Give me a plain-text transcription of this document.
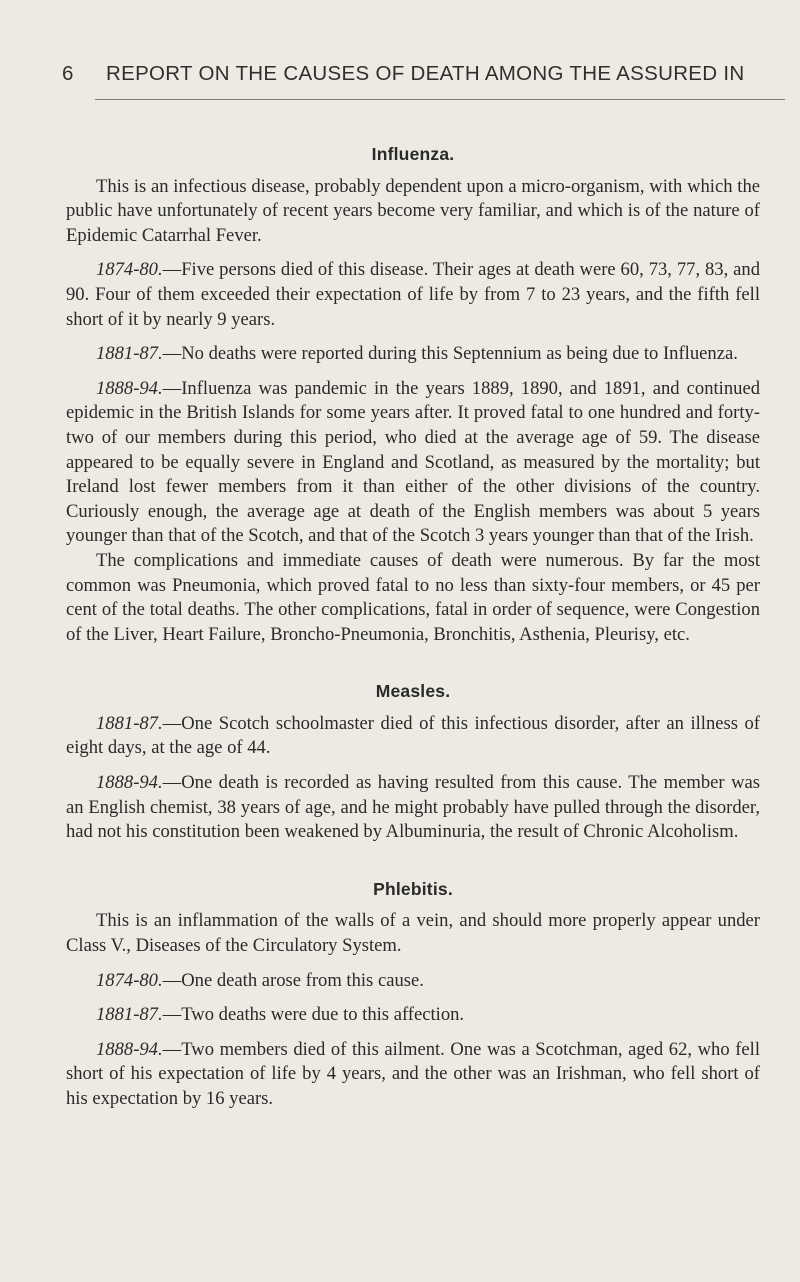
6 REPORT ON THE CAUSES OF DEATH AMONG THE ASSURED IN
Influenza.

This is an infectious disease, probably dependent upon a micro-organism, with which the public have unfortunately of recent years become very familiar, and which is of the nature of Epidemic Catarrhal Fever.

1874-80.—Five persons died of this disease. Their ages at death were 60, 73, 77, 83, and 90. Four of them exceeded their expectation of life by from 7 to 23 years, and the fifth fell short of it by nearly 9 years.

1881-87.—No deaths were reported during this Septennium as being due to Influenza.

1888-94.—Influenza was pandemic in the years 1889, 1890, and 1891, and continued epidemic in the British Islands for some years after. It proved fatal to one hundred and forty-two of our members during this period, who died at the average age of 59. The disease appeared to be equally severe in England and Scotland, as measured by the mortality; but Ireland lost fewer members from it than either of the other divisions of the country. Curiously enough, the average age at death of the English members was about 5 years younger than that of the Scotch, and that of the Scotch 3 years younger than that of the Irish.

The complications and immediate causes of death were numerous. By far the most common was Pneumonia, which proved fatal to no less than sixty-four members, or 45 per cent of the total deaths. The other complications, fatal in order of sequence, were Congestion of the Liver, Heart Failure, Broncho-Pneumonia, Bronchitis, Asthenia, Pleurisy, etc.

Measles.

1881-87.—One Scotch schoolmaster died of this infectious disorder, after an illness of eight days, at the age of 44.

1888-94.—One death is recorded as having resulted from this cause. The member was an English chemist, 38 years of age, and he might probably have pulled through the disorder, had not his constitution been weakened by Albuminuria, the result of Chronic Alcoholism.

Phlebitis.

This is an inflammation of the walls of a vein, and should more properly appear under Class V., Diseases of the Circulatory System.

1874-80.—One death arose from this cause.

1881-87.—Two deaths were due to this affection.

1888-94.—Two members died of this ailment. One was a Scotchman, aged 62, who fell short of his expectation of life by 4 years, and the other was an Irishman, who fell short of his expectation by 16 years.
